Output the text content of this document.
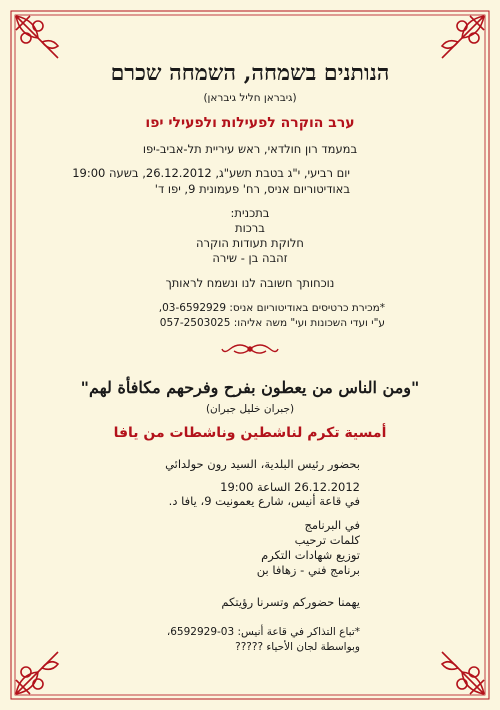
הנותנים בשמחה, השמחה שכרם
(גיבראן חליל גיבראן)
ערב הוקרה לפעילות ולפעילי יפו
במעמד רון חולדאי, ראש עיריית תל-אביב-יפו
יום רביעי, י"ג בטבת תשע"ג, 26.12.2012, בשעה 19:00
באודיטוריום אניס, רח' פעמונית 9, יפו ד'
בתכנית:
ברכות
חלוקת תעודות הוקרה
זהבה בן - שירה
נוכחותך חשובה לנו ונשמח לראותך
*מכירת כרטיסים באודיטוריום אניס: 03-6592929,
ע"י ועדי השכונות ועי" משה אליהו: 057-2503025
"ومن الناس من يعطون بفرح وفرحهم مكافأة لهم"
(جبران خليل جبران)
أمسية تكرم لناشطين وناشطات من يافا
بحضور رئيس البلدية، السيد رون حولدائي
26.12.2012 الساعة 19:00
في قاعة أنيس، شارع يعمونيت 9، يافا د.
في البرنامج
كلمات ترحيب
توزيع شهادات التكرم
برنامج فني - زهافا بن
يهمنا حضوركم وتسرنا رؤيتكم
*تباع التذاكر في قاعة أنيس: 03-6592929،
وبواسطة لجان الأحياء ?????
